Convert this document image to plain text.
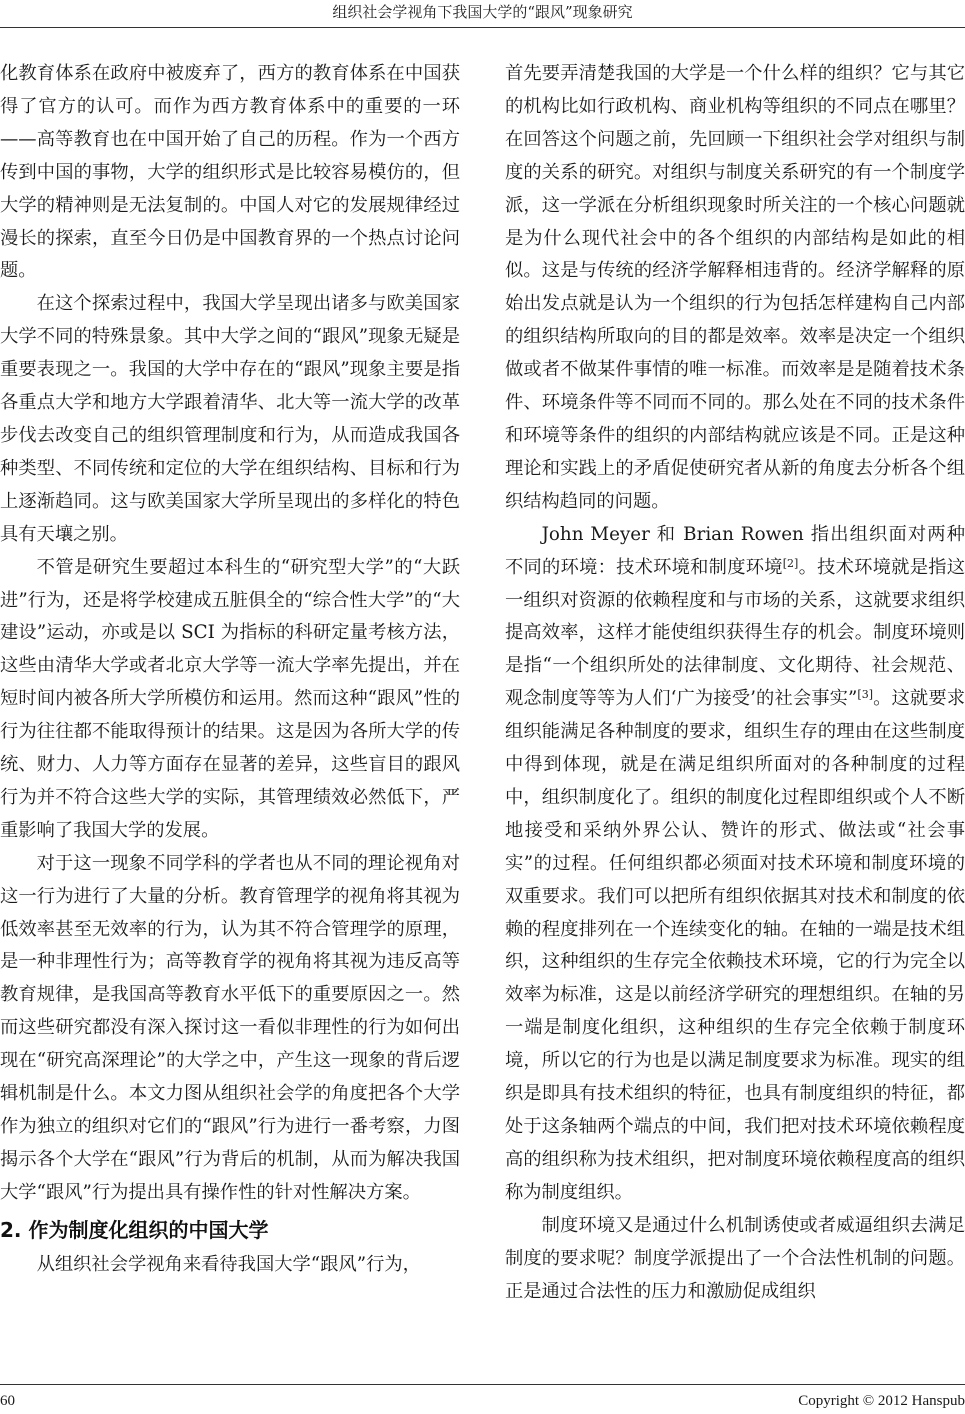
组织社会学视角下我国大学的“跟风”现象研究

化教育体系在政府中被废弃了，西方的教育体系在中国获得了官方的认可。而作为西方教育体系中的重要的一环——高等教育也在中国开始了自己的历程。作为一个西方传到中国的事物，大学的组织形式是比较容易模仿的，但大学的精神则是无法复制的。中国人对它的发展规律经过漫长的探索，直至今日仍是中国教育界的一个热点讨论问题。

在这个探索过程中，我国大学呈现出诸多与欧美国家大学不同的特殊景象。其中大学之间的“跟风”现象无疑是重要表现之一。我国的大学中存在的“跟风”现象主要是指各重点大学和地方大学跟着清华、北大等一流大学的改革步伐去改变自己的组织管理制度和行为，从而造成我国各种类型、不同传统和定位的大学在组织结构、目标和行为上逐渐趋同。这与欧美国家大学所呈现出的多样化的特色具有天壤之别。

不管是研究生要超过本科生的“研究型大学”的“大跃进”行为，还是将学校建成五脏俱全的“综合性大学”的“大建设”运动，亦或是以 SCI 为指标的科研定量考核方法，这些由清华大学或者北京大学等一流大学率先提出，并在短时间内被各所大学所模仿和运用。然而这种“跟风”性的行为往往都不能取得预计的结果。这是因为各所大学的传统、财力、人力等方面存在显著的差异，这些盲目的跟风行为并不符合这些大学的实际，其管理绩效必然低下，严重影响了我国大学的发展。

对于这一现象不同学科的学者也从不同的理论视角对这一行为进行了大量的分析。教育管理学的视角将其视为低效率甚至无效率的行为，认为其不符合管理学的原理，是一种非理性行为；高等教育学的视角将其视为违反高等教育规律，是我国高等教育水平低下的重要原因之一。然而这些研究都没有深入探讨这一看似非理性的行为如何出现在“研究高深理论”的大学之中，产生这一现象的背后逻辑机制是什么。本文力图从组织社会学的角度把各个大学作为独立的组织对它们的“跟风”行为进行一番考察，力图揭示各个大学在“跟风”行为背后的机制，从而为解决我国大学“跟风”行为提出具有操作性的针对性解决方案。

2. 作为制度化组织的中国大学

从组织社会学视角来看待我国大学“跟风”行为，

首先要弄清楚我国的大学是一个什么样的组织？它与其它的机构比如行政机构、商业机构等组织的不同点在哪里？在回答这个问题之前，先回顾一下组织社会学对组织与制度的关系的研究。对组织与制度关系研究的有一个制度学派，这一学派在分析组织现象时所关注的一个核心问题就是为什么现代社会中的各个组织的内部结构是如此的相似。这是与传统的经济学解释相违背的。经济学解释的原始出发点就是认为一个组织的行为包括怎样建构自己内部的组织结构所取向的目的都是效率。效率是决定一个组织做或者不做某件事情的唯一标准。而效率是是随着技术条件、环境条件等不同而不同的。那么处在不同的技术条件和环境等条件的组织的内部结构就应该是不同。正是这种理论和实践上的矛盾促使研究者从新的角度去分析各个组织结构趋同的问题。

John Meyer 和 Brian Rowen 指出组织面对两种不同的环境：技术环境和制度环境[2]。技术环境就是指这一组织对资源的依赖程度和与市场的关系，这就要求组织提高效率，这样才能使组织获得生存的机会。制度环境则是指“一个组织所处的法律制度、文化期待、社会规范、观念制度等等为人们‘广为接受’的社会事实”[3]。这就要求组织能满足各种制度的要求，组织生存的理由在这些制度中得到体现，就是在满足组织所面对的各种制度的过程中，组织制度化了。组织的制度化过程即组织或个人不断地接受和采纳外界公认、赞许的形式、做法或“社会事实”的过程。任何组织都必须面对技术环境和制度环境的双重要求。我们可以把所有组织依据其对技术和制度的依赖的程度排列在一个连续变化的轴。在轴的一端是技术组织，这种组织的生存完全依赖技术环境，它的行为完全以效率为标准，这是以前经济学研究的理想组织。在轴的另一端是制度化组织，这种组织的生存完全依赖于制度环境，所以它的行为也是以满足制度要求为标准。现实的组织是即具有技术组织的特征，也具有制度组织的特征，都处于这条轴两个端点的中间，我们把对技术环境依赖程度高的组织称为技术组织，把对制度环境依赖程度高的组织称为制度组织。

制度环境又是通过什么机制诱使或者威逼组织去满足制度的要求呢？制度学派提出了一个合法性机制的问题。正是通过合法性的压力和激励促成组织

60	Copyright © 2012 Hanspub
